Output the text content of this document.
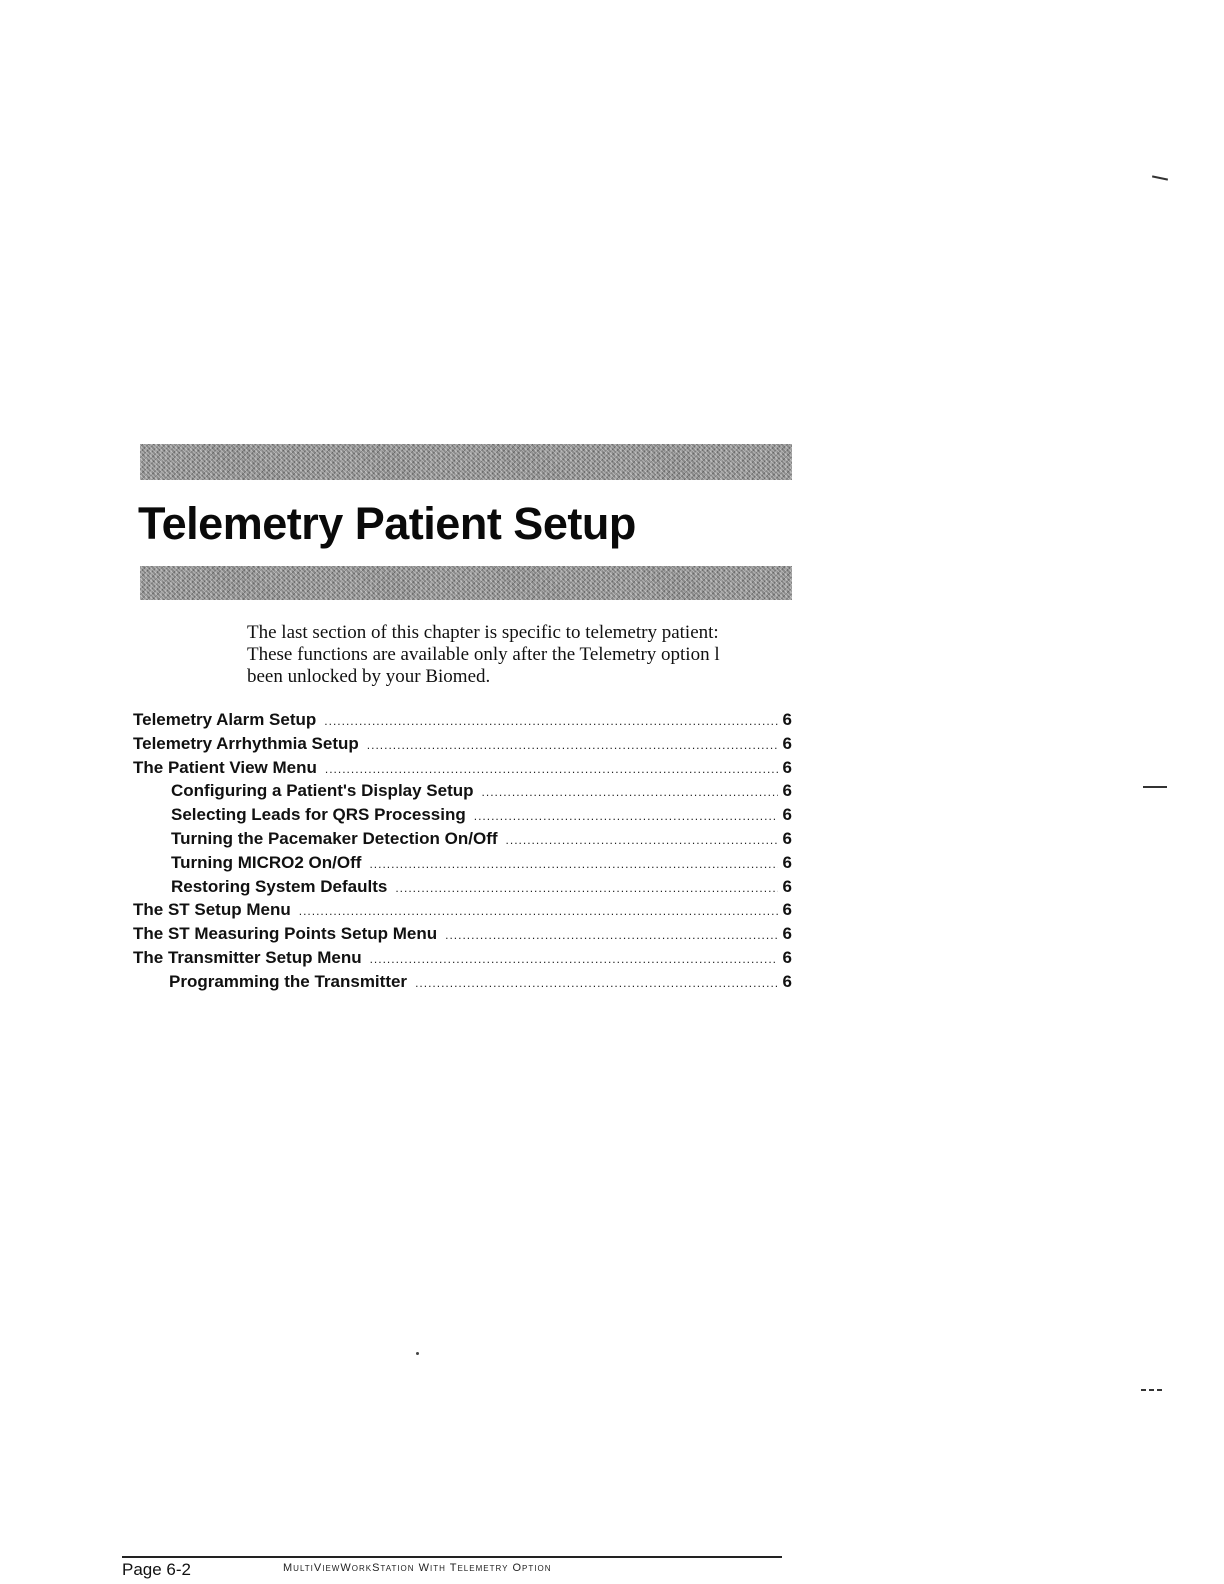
Telemetry Patient Setup
The last section of this chapter is specific to telemetry patient:
These functions are available only after the Telemetry option l
been unlocked by your Biomed.
Telemetry Alarm Setup .....	6
Telemetry Arrhythmia Setup .....	6
The Patient View Menu .....	6
Configuring a Patient's Display Setup .....	6
Selecting Leads for QRS Processing .....	6
Turning the Pacemaker Detection On/Off .....	6
Turning MICRO2 On/Off .....	6
Restoring System Defaults .....	6
The ST Setup Menu .....	6
The ST Measuring Points Setup Menu .....	6
The Transmitter Setup Menu .....	6
Programming the Transmitter .....	6
Page 6-2	MultiViewWorkStation With Telemetry Option
